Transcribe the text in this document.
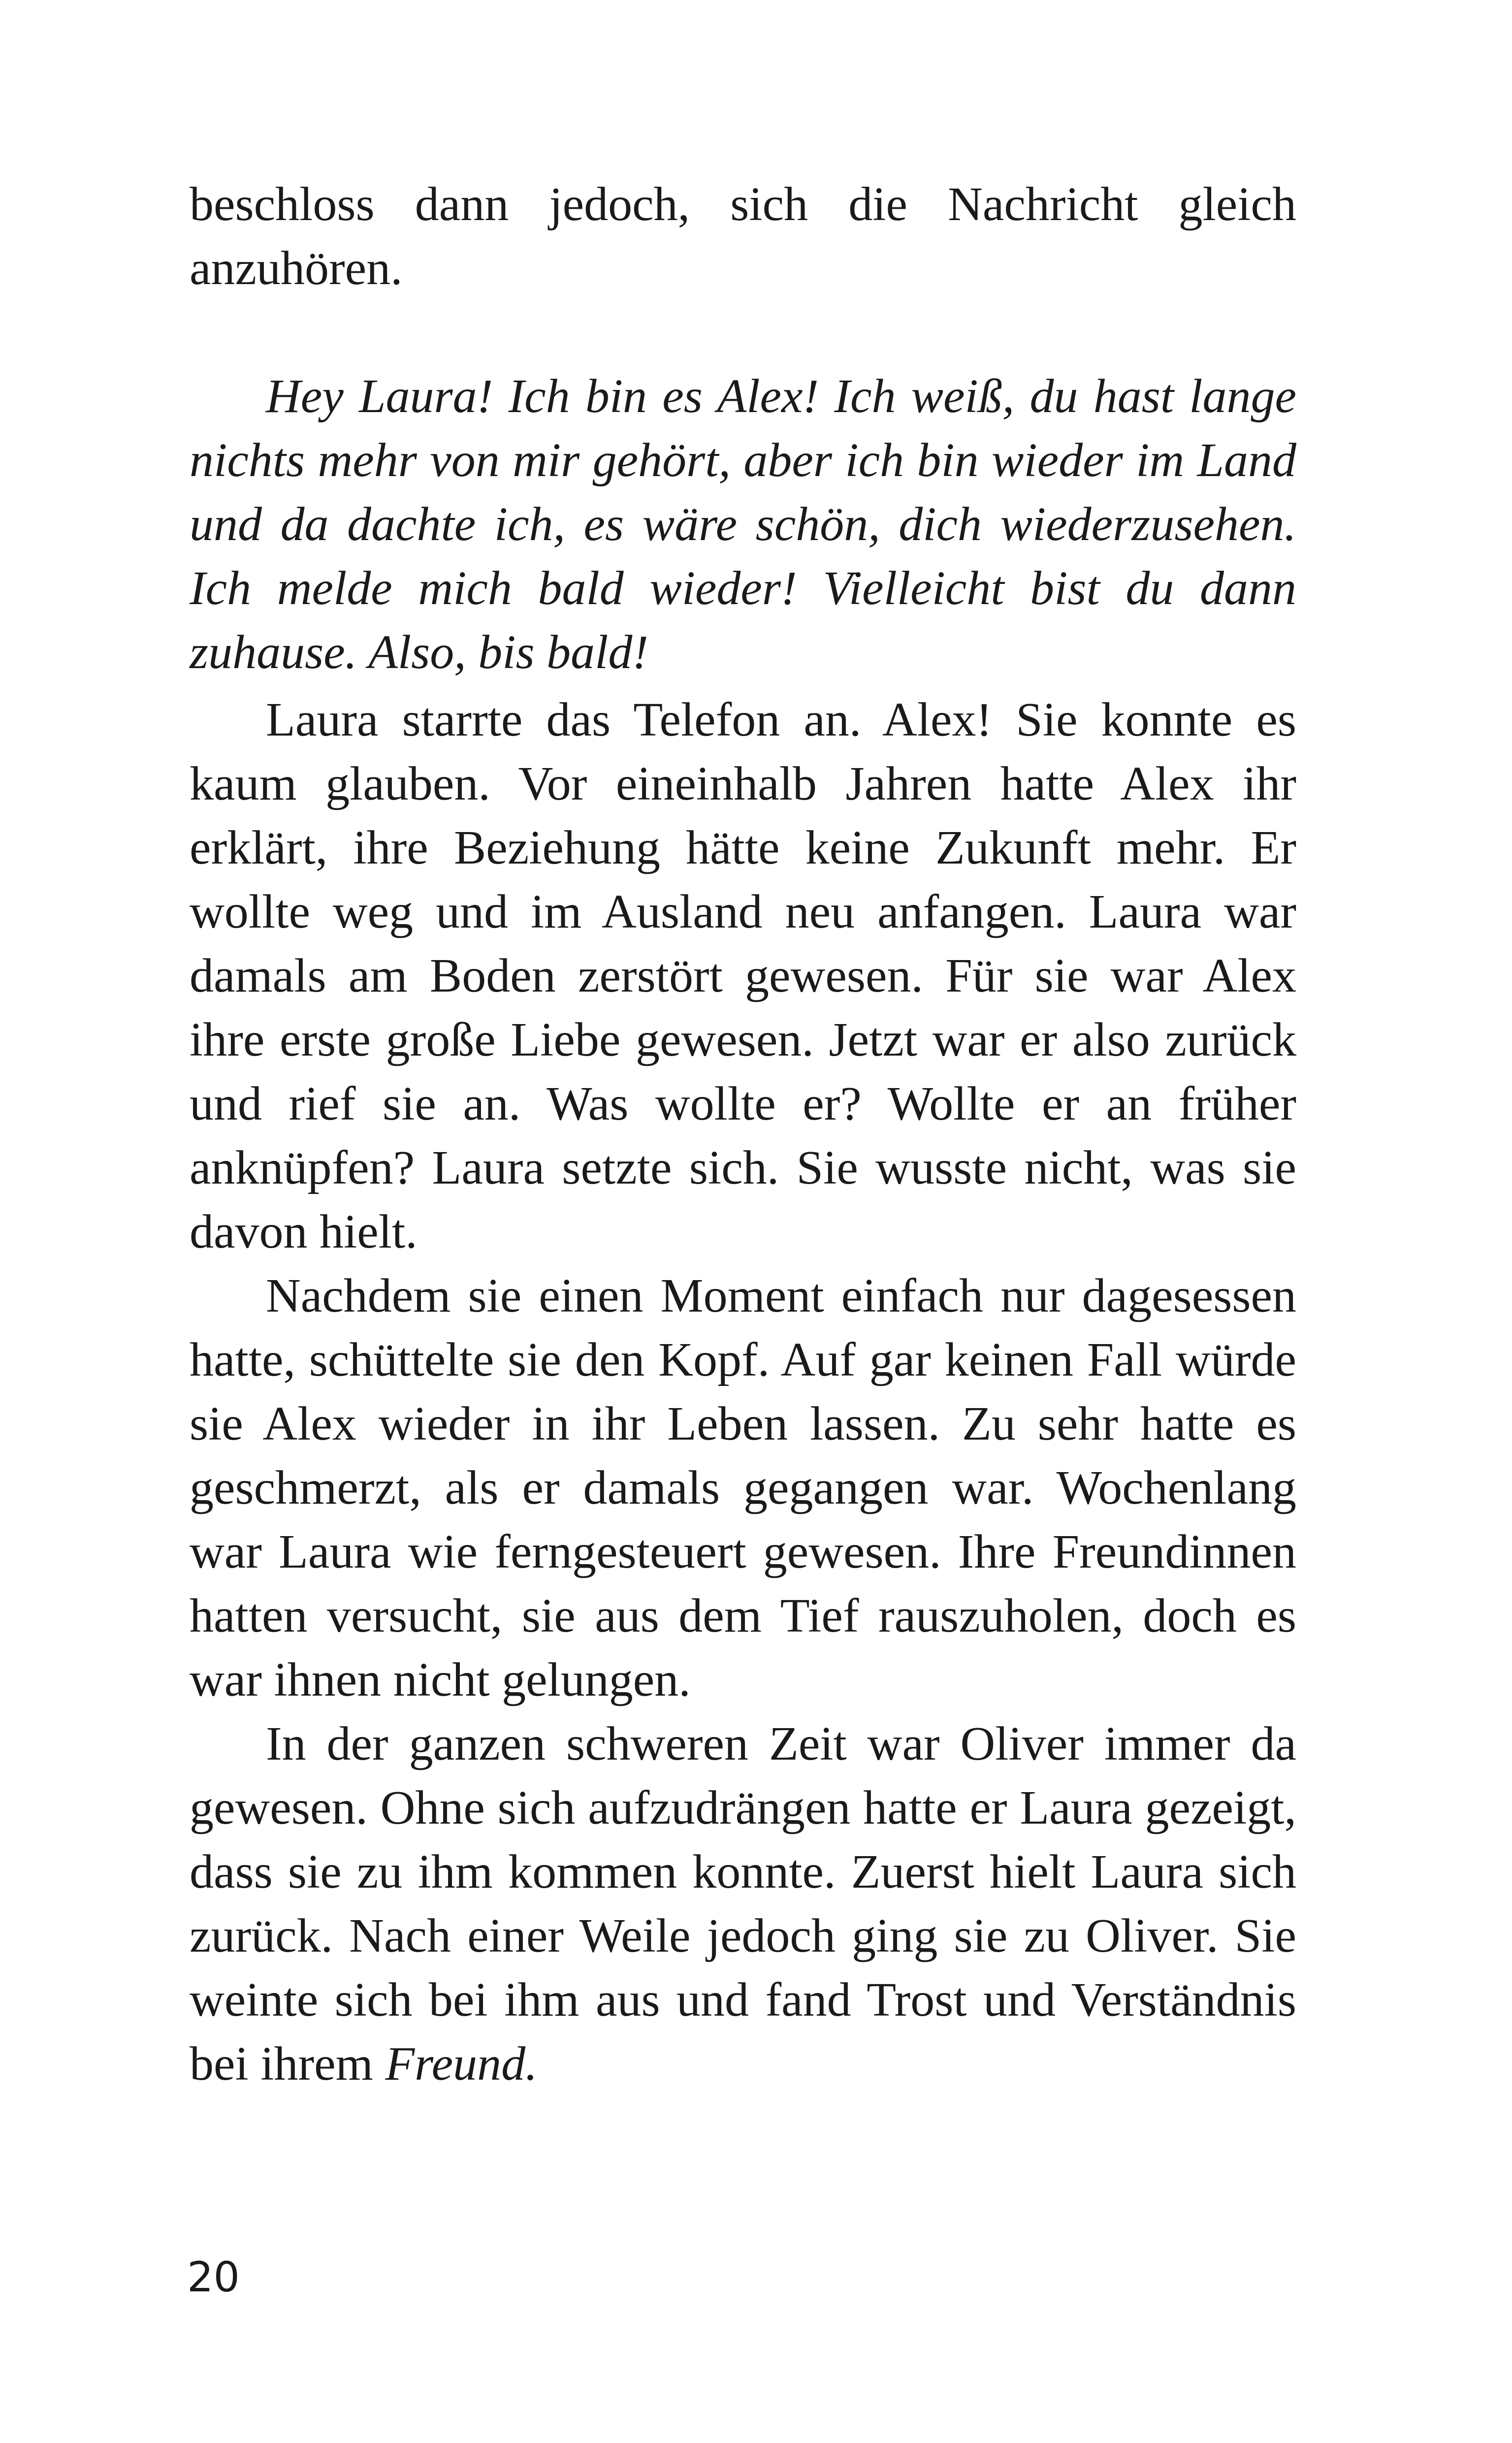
beschloss dann jedoch, sich die Nachricht gleich anzuhören.

Hey Laura! Ich bin es Alex! Ich weiß, du hast lange nichts mehr von mir gehört, aber ich bin wieder im Land und da dachte ich, es wäre schön, dich wiederzusehen. Ich melde mich bald wieder! Vielleicht bist du dann zuhause. Also, bis bald!

Laura starrte das Telefon an. Alex! Sie konnte es kaum glauben. Vor eineinhalb Jahren hatte Alex ihr erklärt, ihre Beziehung hätte keine Zukunft mehr. Er wollte weg und im Ausland neu anfangen. Laura war damals am Boden zerstört gewesen. Für sie war Alex ihre erste große Liebe gewesen. Jetzt war er also zurück und rief sie an. Was wollte er? Wollte er an früher anknüpfen? Laura setzte sich. Sie wusste nicht, was sie davon hielt.

Nachdem sie einen Moment einfach nur dagesessen hatte, schüttelte sie den Kopf. Auf gar keinen Fall würde sie Alex wieder in ihr Leben lassen. Zu sehr hatte es geschmerzt, als er damals gegangen war. Wochenlang war Laura wie ferngesteuert gewesen. Ihre Freundinnen hatten versucht, sie aus dem Tief rauszuholen, doch es war ihnen nicht gelungen.

In der ganzen schweren Zeit war Oliver immer da gewesen. Ohne sich aufzudrängen hatte er Laura gezeigt, dass sie zu ihm kommen konnte. Zuerst hielt Laura sich zurück. Nach einer Weile jedoch ging sie zu Oliver. Sie weinte sich bei ihm aus und fand Trost und Verständnis bei ihrem Freund.

20
